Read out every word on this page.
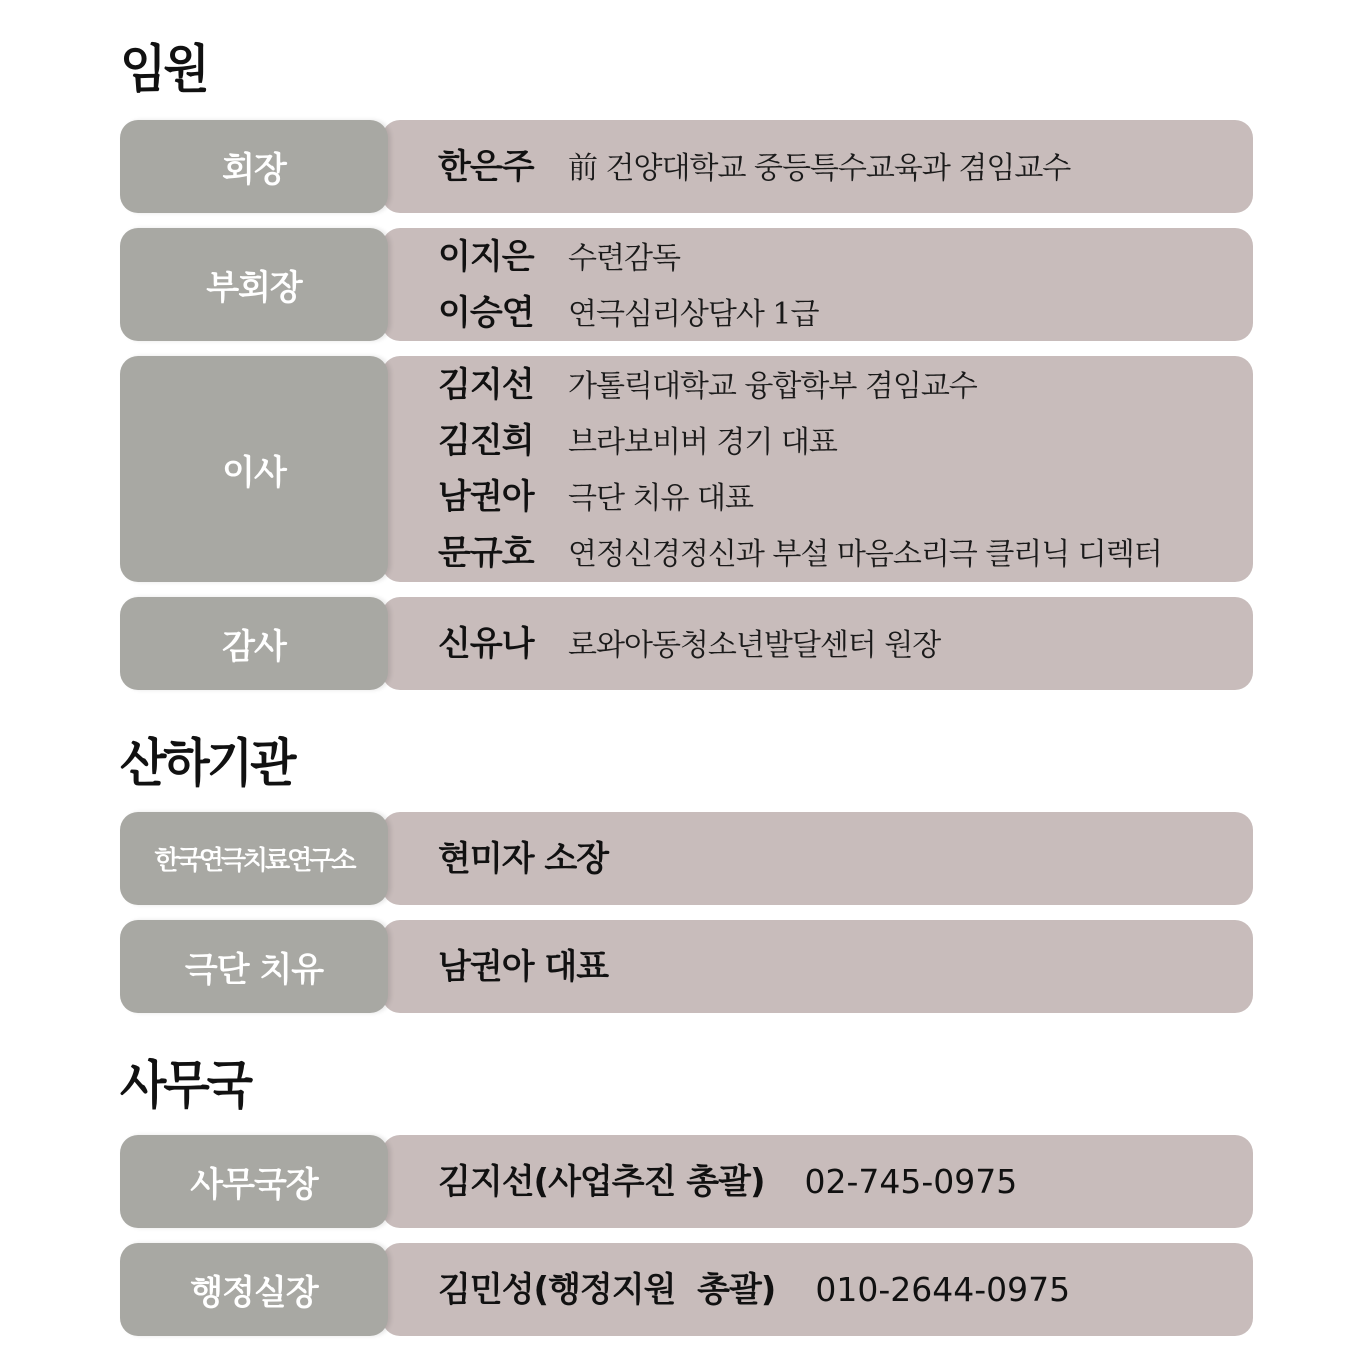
임원
회장	한은주	前 건양대학교 중등특수교육과 겸임교수
부회장
이지은	수련감독
이승연	연극심리상담사 1급
이사
김지선	가톨릭대학교 융합학부 겸임교수
김진희	브라보비버 경기 대표
남권아	극단 치유 대표
문규호	연정신경정신과 부설 마음소리극 클리닉 디렉터
감사	신유나	로와아동청소년발달센터 원장
산하기관
한국연극치료연구소	현미자 소장
극단 치유	남권아 대표
사무국
사무국장	김지선(사업추진 총괄) 02-745-0975
행정실장	김민성(행정지원  총괄) 010-2644-0975
